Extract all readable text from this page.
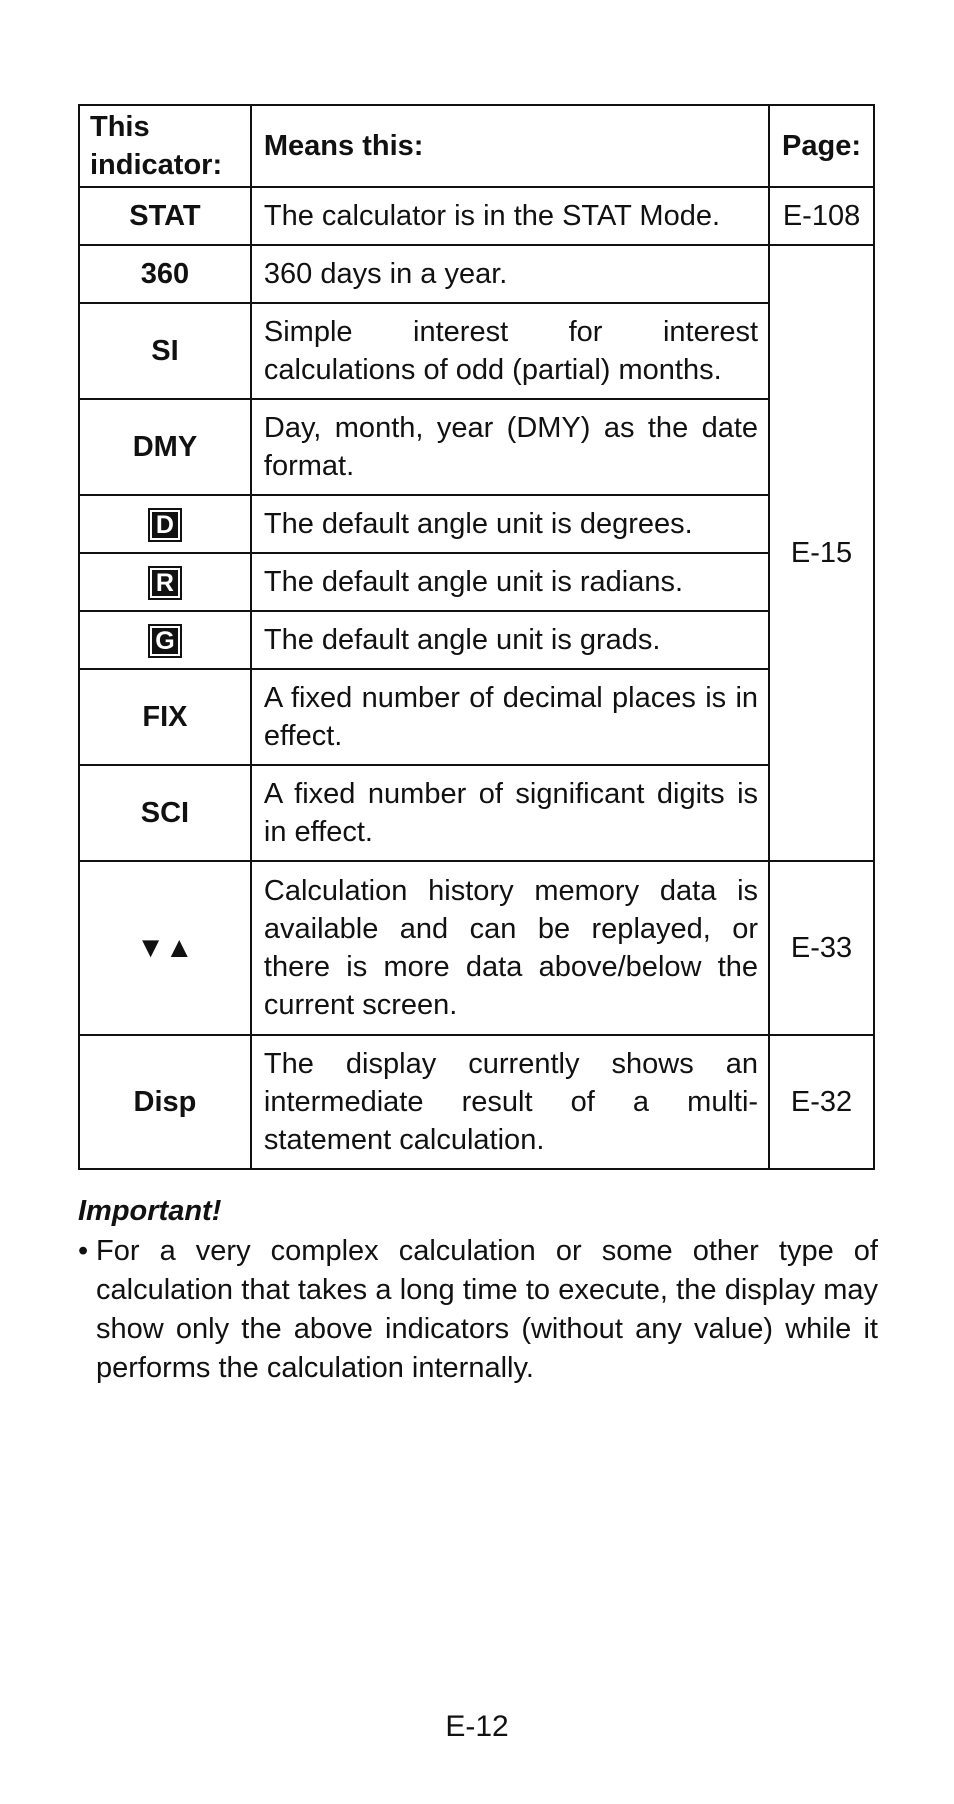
This indicator:	Means this:	Page:
STAT	The calculator is in the STAT Mode.	E-108
360	360 days in a year.	E-15
SI	Simple interest for interest calculations of odd (partial) months.	
DMY	Day, month, year (DMY) as the date format.	
D	The default angle unit is degrees.	
R	The default angle unit is radians.	
G	The default angle unit is grads.	
FIX	A fixed number of decimal places is in effect.	
SCI	A fixed number of significant digits is in effect.	
▼▲	Calculation history memory data is available and can be replayed, or there is more data above/below the current screen.	E-33
Disp	The display currently shows an intermediate result of a multi-statement calculation.	E-32
Important!
• For a very complex calculation or some other type of calculation that takes a long time to execute, the display may show only the above indicators (without any value) while it performs the calculation internally.
E-12
